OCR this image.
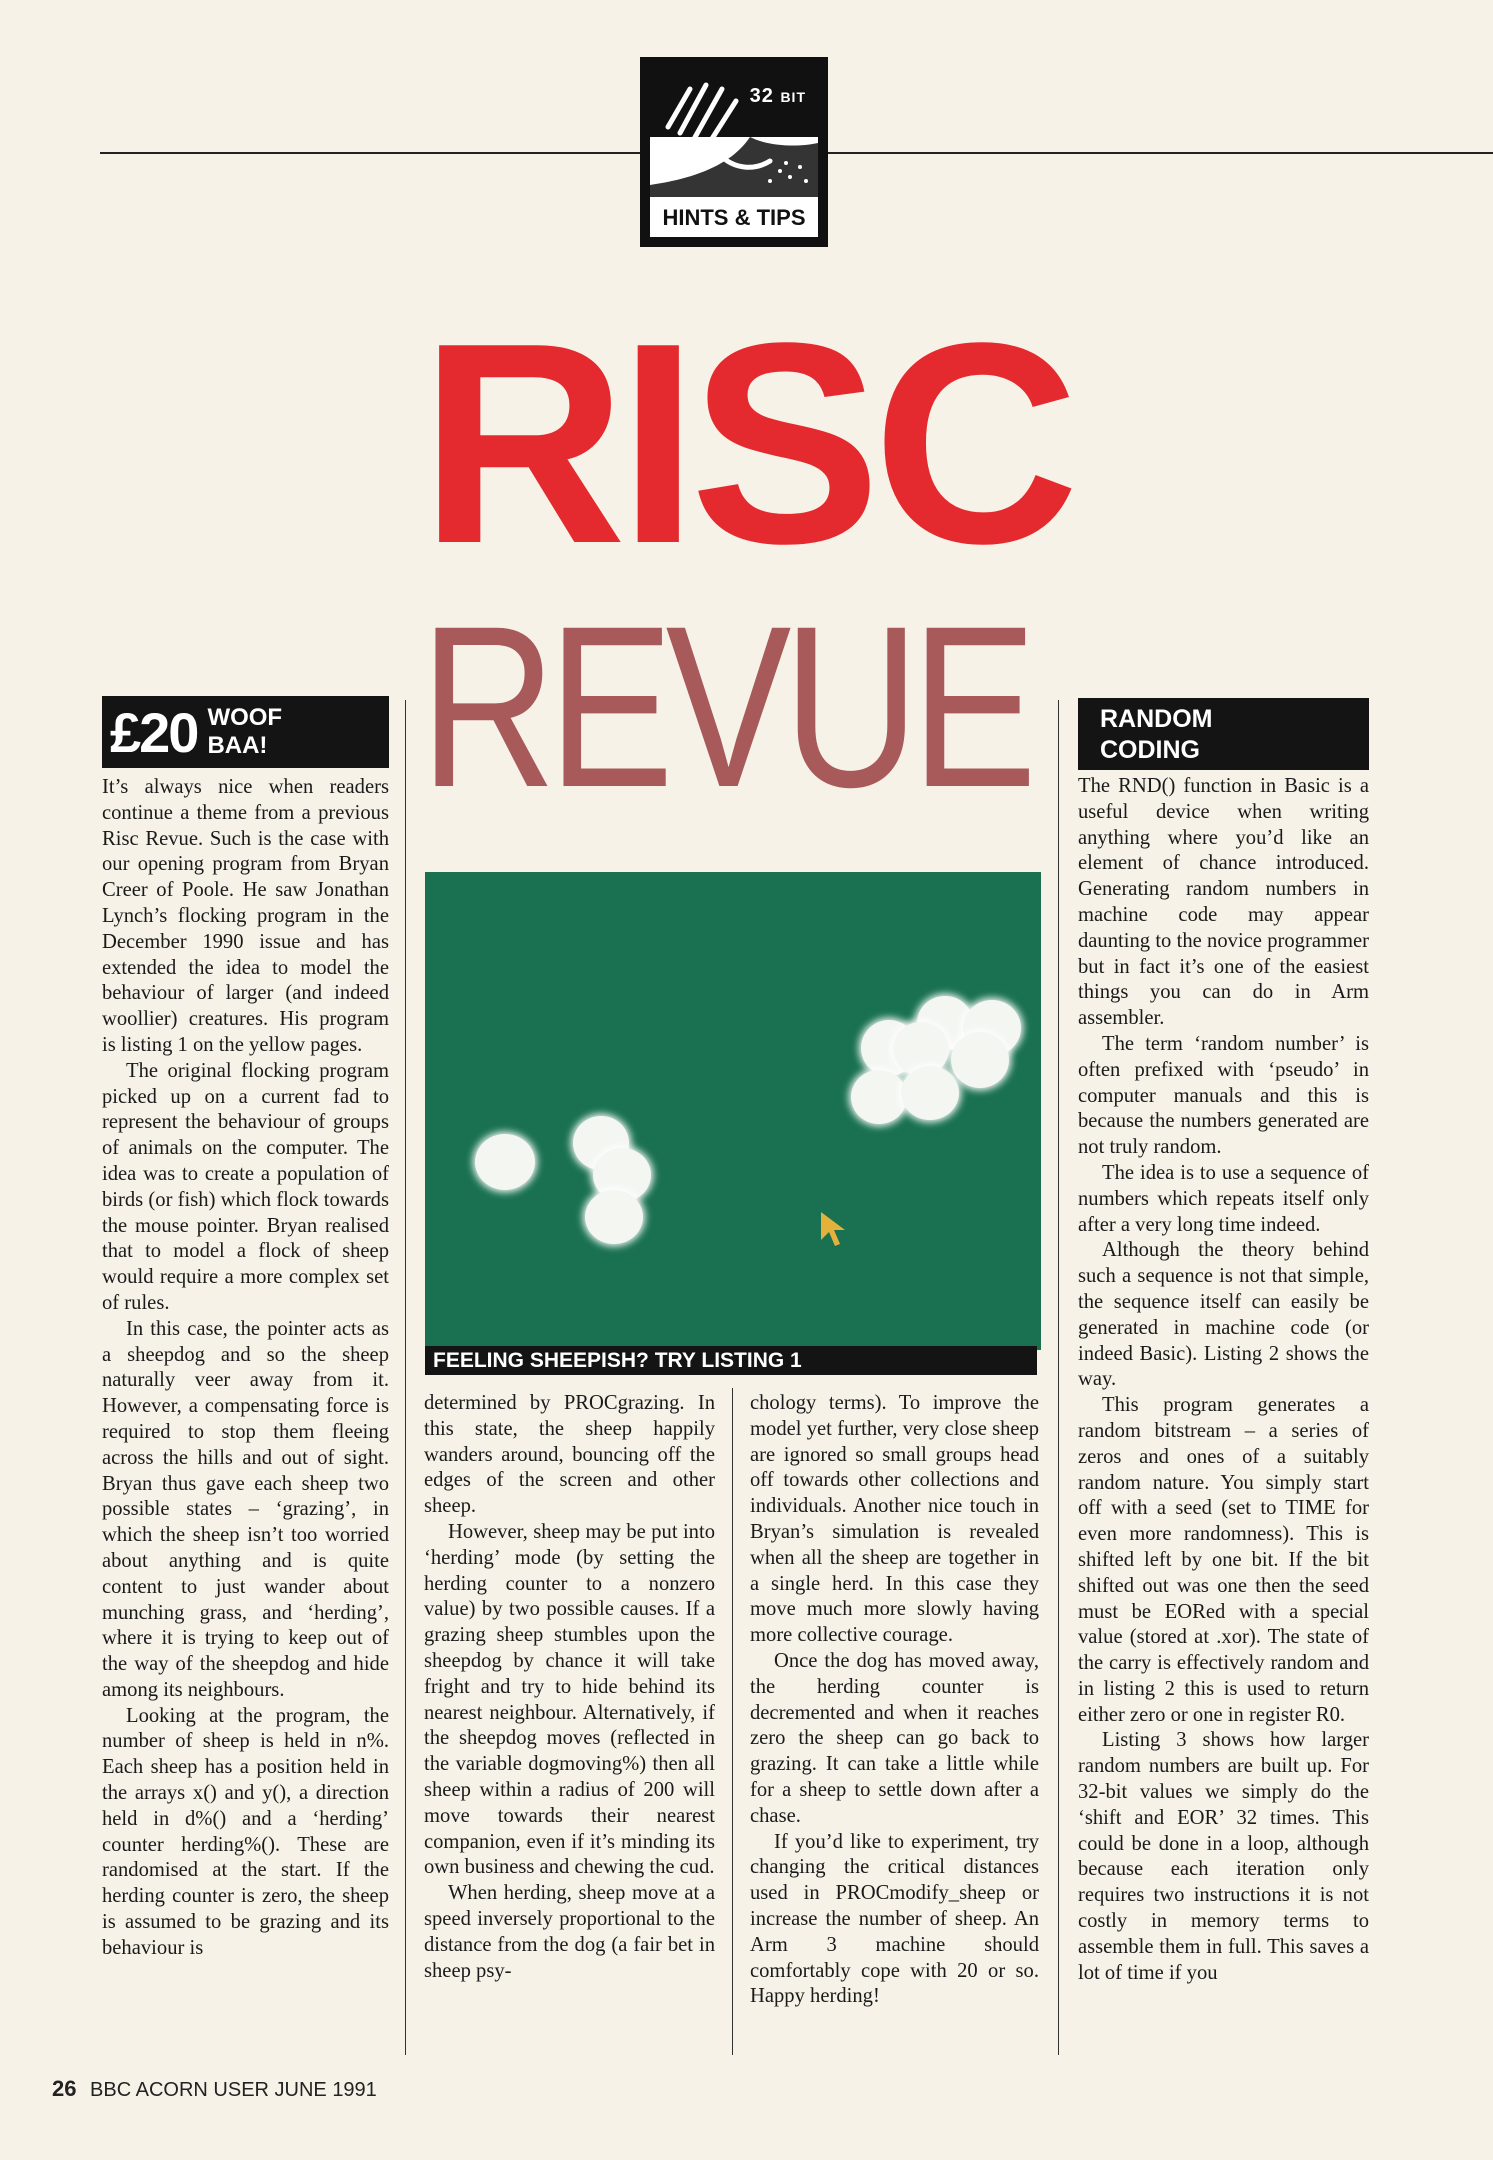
32 BIT
HINTS & TIPS
RISC
REVUE
£20 WOOF
BAA!
RANDOM
CODING
FEELING SHEEPISH? TRY LISTING 1

It’s always nice when readers continue a theme from a previous Risc Revue. Such is the case with our opening program from Bryan Creer of Poole. He saw Jonathan Lynch’s flocking program in the December 1990 issue and has extended the idea to model the behaviour of larger (and indeed woollier) creatures. His program is listing 1 on the yellow pages.

The original flocking program picked up on a current fad to represent the behaviour of groups of animals on the computer. The idea was to create a population of birds (or fish) which flock towards the mouse pointer. Bryan realised that to model a flock of sheep would require a more complex set of rules.

In this case, the pointer acts as a sheepdog and so the sheep naturally veer away from it. However, a compensating force is required to stop them fleeing across the hills and out of sight. Bryan thus gave each sheep two possible states – ‘grazing’, in which the sheep isn’t too worried about anything and is quite content to just wander about munching grass, and ‘herding’, where it is trying to keep out of the way of the sheepdog and hide among its neighbours.

Looking at the program, the number of sheep is held in n%. Each sheep has a position held in the arrays x() and y(), a direction held in d%() and a ‘herding’ counter herding%(). These are randomised at the start. If the herding counter is zero, the sheep is assumed to be grazing and its behaviour is

determined by PROCgrazing. In this state, the sheep happily wanders around, bouncing off the edges of the screen and other sheep.

However, sheep may be put into ‘herding’ mode (by setting the herding counter to a nonzero value) by two possible causes. If a grazing sheep stumbles upon the sheepdog by chance it will take fright and try to hide behind its nearest neighbour. Alternatively, if the sheepdog moves (reflected in the variable dogmoving%) then all sheep within a radius of 200 will move towards their nearest companion, even if it’s minding its own business and chewing the cud.

When herding, sheep move at a speed inversely proportional to the distance from the dog (a fair bet in sheep psy-

chology terms). To improve the model yet further, very close sheep are ignored so small groups head off towards other collections and individuals. Another nice touch in Bryan’s simulation is revealed when all the sheep are together in a single herd. In this case they move much more slowly having more collective courage.

Once the dog has moved away, the herding counter is decremented and when it reaches zero the sheep can go back to grazing. It can take a little while for a sheep to settle down after a chase.

If you’d like to experiment, try changing the critical distances used in PROCmodify_sheep or increase the number of sheep. An Arm 3 machine should comfortably cope with 20 or so. Happy herding!

The RND() function in Basic is a useful device when writing anything where you’d like an element of chance introduced. Generating random numbers in machine code may appear daunting to the novice programmer but in fact it’s one of the easiest things you can do in Arm assembler.

The term ‘random number’ is often prefixed with ‘pseudo’ in computer manuals and this is because the numbers generated are not truly random.

The idea is to use a sequence of numbers which repeats itself only after a very long time indeed.

Although the theory behind such a sequence is not that simple, the sequence itself can easily be generated in machine code (or indeed Basic). Listing 2 shows the way.

This program generates a random bitstream – a series of zeros and ones of a suitably random nature. You simply start off with a seed (set to TIME for even more randomness). This is shifted left by one bit. If the bit shifted out was one then the seed must be EORed with a special value (stored at .xor). The state of the carry is effectively random and in listing 2 this is used to return either zero or one in register R0.

Listing 3 shows how larger random numbers are built up. For 32-bit values we simply do the ‘shift and EOR’ 32 times. This could be done in a loop, although because each iteration only requires two instructions it is not costly in memory terms to assemble them in full. This saves a lot of time if you

26 BBC ACORN USER JUNE 1991
